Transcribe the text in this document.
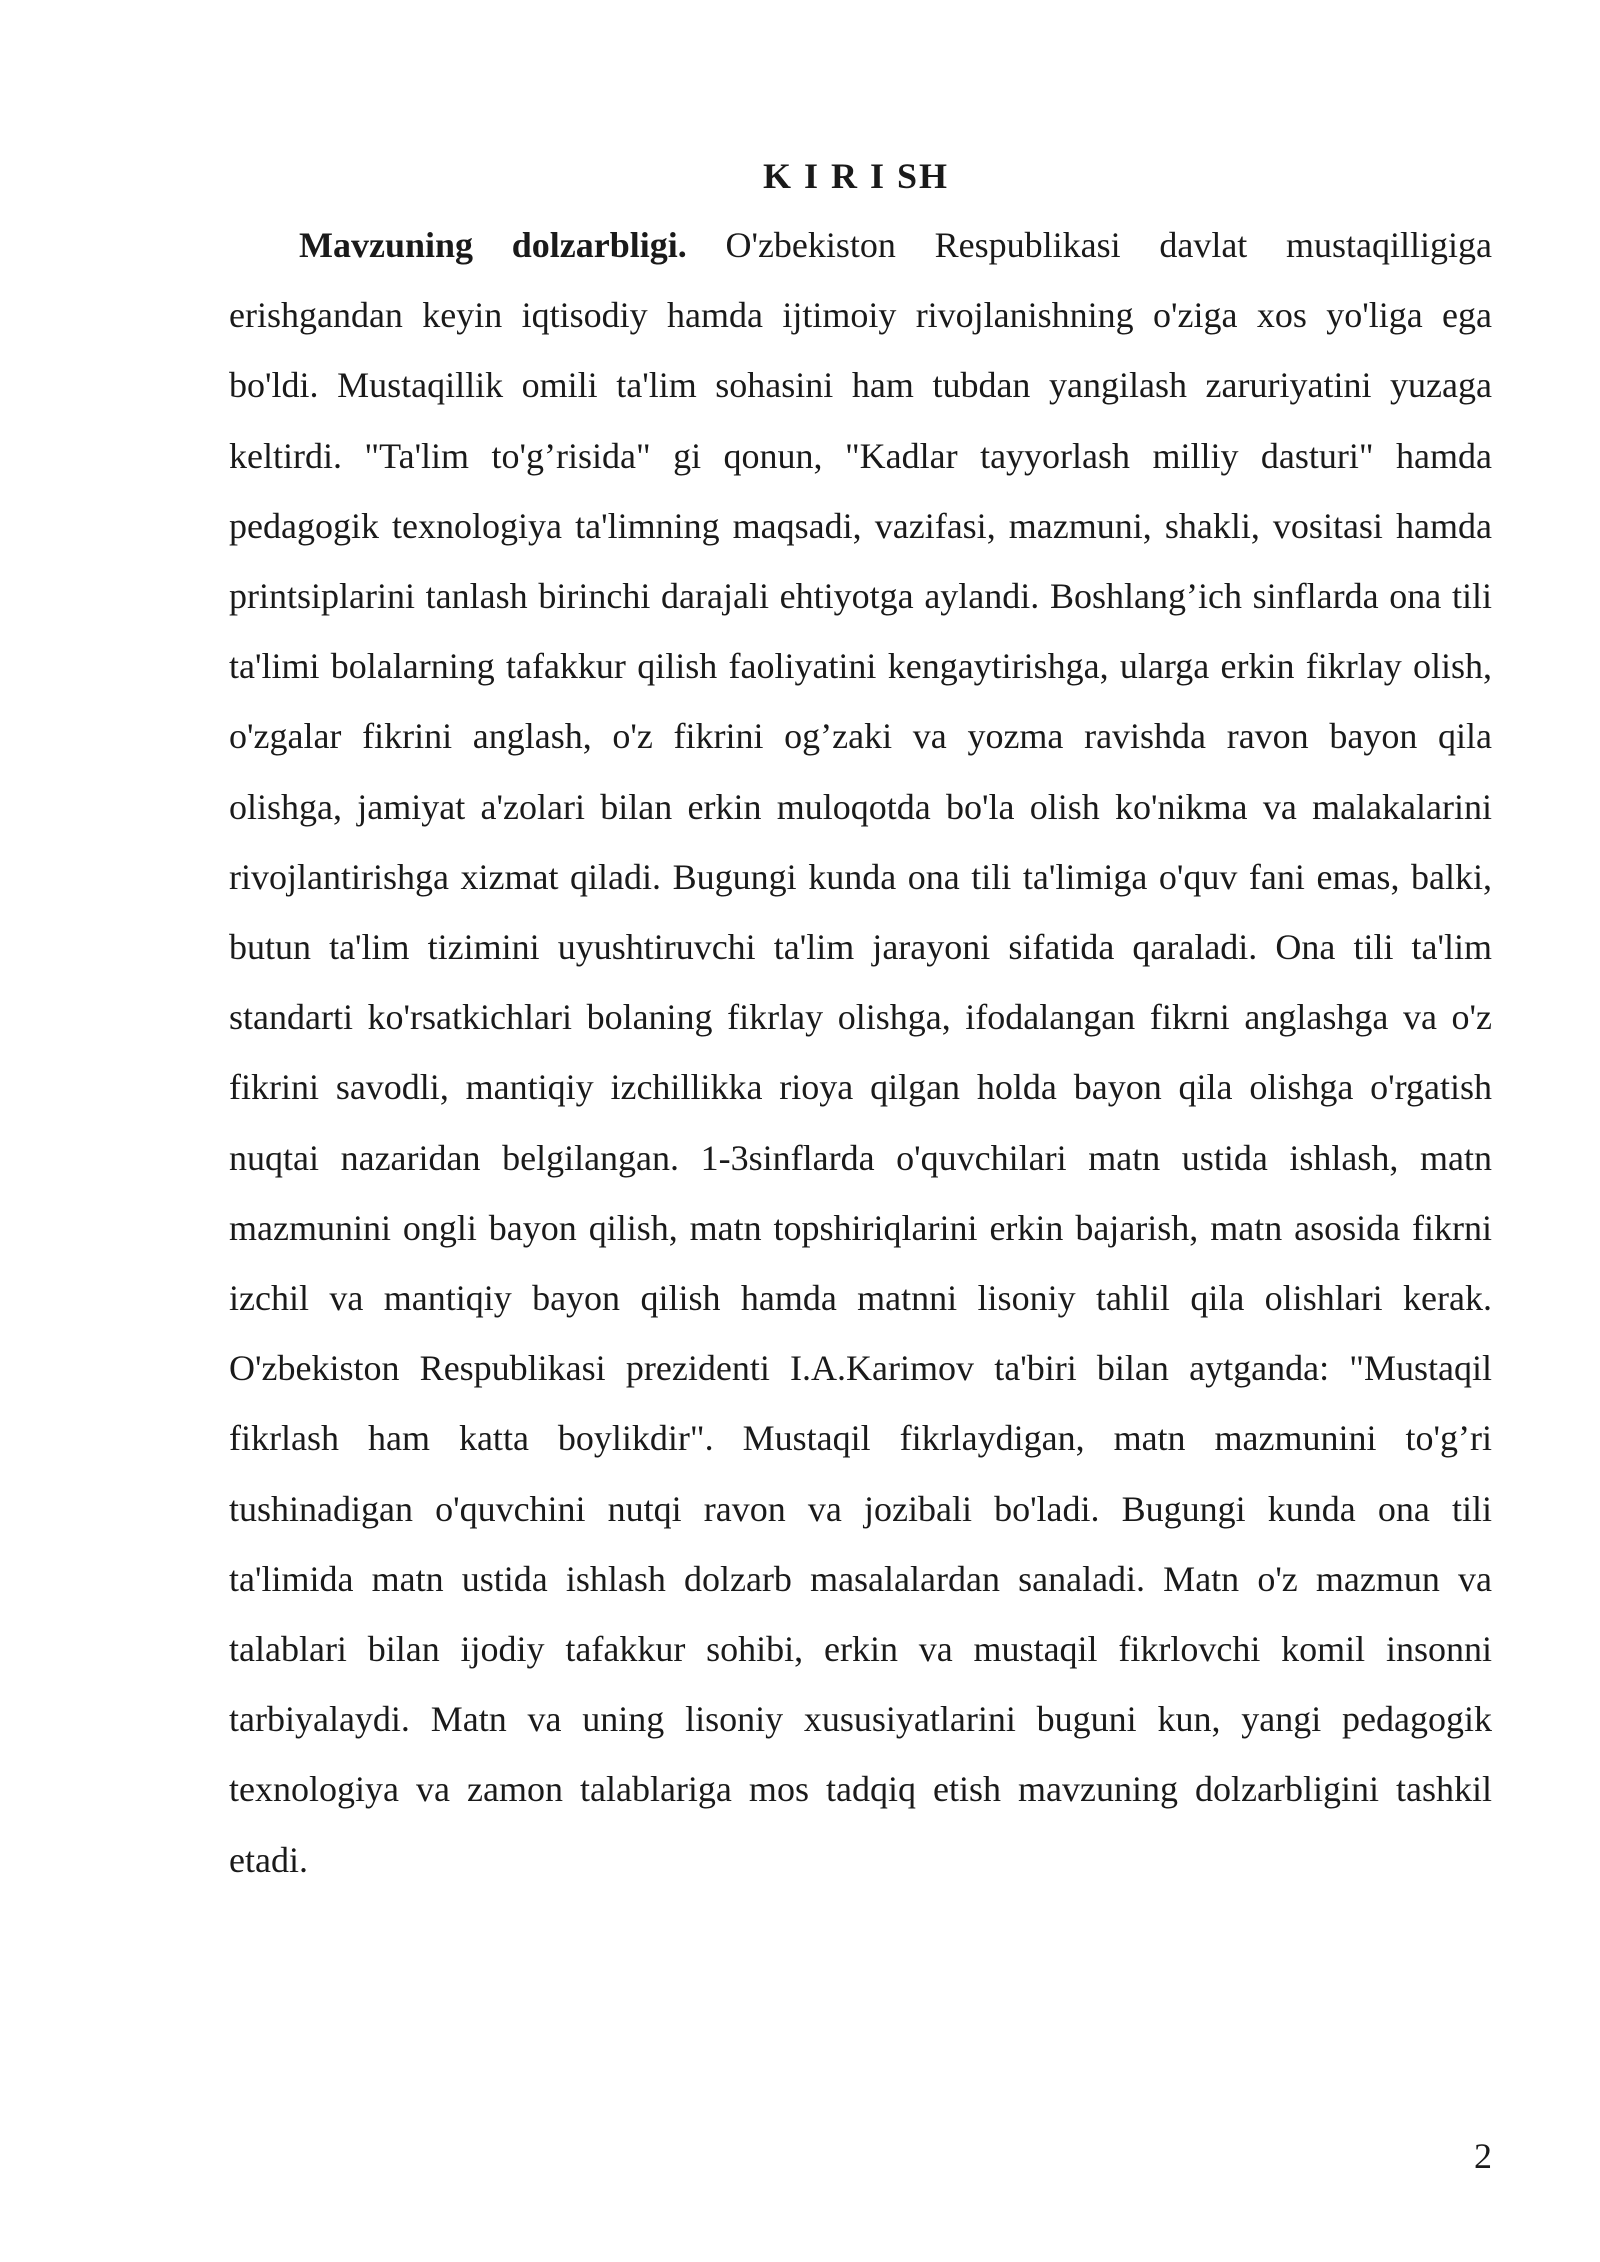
K I R I SH

Mavzuning dolzarbligi. O'zbekiston Respublikasi davlat mustaqilligiga erishgandan keyin iqtisodiy hamda ijtimoiy rivojlanishning o'ziga xos yo'liga ega bo'ldi. Mustaqillik omili ta'lim sohasini ham tubdan yangilash zaruriyatini yuzaga keltirdi. "Ta'lim to'g’risida" gi qonun, "Kadlar tayyorlash milliy dasturi" hamda pedagogik texnologiya ta'limning maqsadi, vazifasi, mazmuni, shakli, vositasi hamda printsiplarini tanlash birinchi darajali ehtiyotga aylandi. Boshlang’ich sinflarda ona tili ta'limi bolalarning tafakkur qilish faoliyatini kengaytirishga, ularga erkin fikrlay olish, o'zgalar fikrini anglash, o'z fikrini og’zaki va yozma ravishda ravon bayon qila olishga, jamiyat a'zolari bilan erkin muloqotda bo'la olish ko'nikma va malakalarini rivojlantirishga xizmat qiladi. Bugungi kunda ona tili ta'limiga o'quv fani emas, balki, butun ta'lim tizimini uyushtiruvchi ta'lim jarayoni sifatida qaraladi. Ona tili ta'lim standarti ko'rsatkichlari bolaning fikrlay olishga, ifodalangan fikrni anglashga va o'z fikrini savodli, mantiqiy izchillikka rioya qilgan holda bayon qila olishga o'rgatish nuqtai nazaridan belgilangan. 1-3sinflarda o'quvchilari matn ustida ishlash, matn mazmunini ongli bayon qilish, matn topshiriqlarini erkin bajarish, matn asosida fikrni izchil va mantiqiy bayon qilish hamda matnni lisoniy tahlil qila olishlari kerak. O'zbekiston Respublikasi prezidenti I.A.Karimov ta'biri bilan aytganda: "Mustaqil fikrlash ham katta boylikdir". Mustaqil fikrlaydigan, matn mazmunini to'g’ri tushinadigan o'quvchini nutqi ravon va jozibali bo'ladi. Bugungi kunda ona tili ta'limida matn ustida ishlash dolzarb masalalardan sanaladi. Matn o'z mazmun va talablari bilan ijodiy tafakkur sohibi, erkin va mustaqil fikrlovchi komil insonni tarbiyalaydi. Matn va uning lisoniy xususiyatlarini buguni kun, yangi pedagogik texnologiya va zamon talablariga mos tadqiq etish mavzuning dolzarbligini tashkil etadi.

2
